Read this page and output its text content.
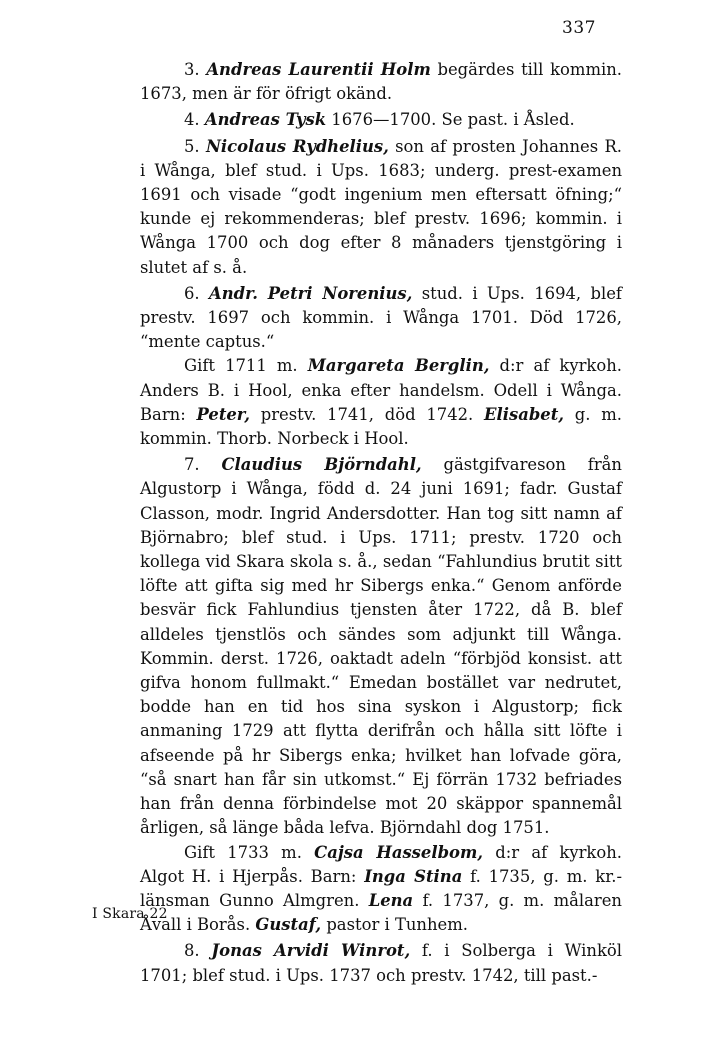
337

3. Andreas Laurentii Holm begärdes till kommin. 1673, men är för öfrigt okänd.

4. Andreas Tysk 1676—1700. Se past. i Åsled.

5. Nicolaus Rydhelius, son af prosten Johannes R. i Wånga, blef stud. i Ups. 1683; underg. prest-examen 1691 och visade “godt ingenium men eftersatt öfning;“ kunde ej rekommenderas; blef prestv. 1696; kommin. i Wånga 1700 och dog efter 8 månaders tjenstgöring i slutet af s. å.

6. Andr. Petri Norenius, stud. i Ups. 1694, blef prestv. 1697 och kommin. i Wånga 1701. Död 1726, “mente captus.“

Gift 1711 m. Margareta Berglin, d:r af kyrkoh. Anders B. i Hool, enka efter handelsm. Odell i Wånga. Barn: Peter, prestv. 1741, död 1742. Elisabet, g. m. kommin. Thorb. Norbeck i Hool.

7. Claudius Björndahl, gästgifvareson från Algustorp i Wånga, född d. 24 juni 1691; fadr. Gustaf Classon, modr. Ingrid Andersdotter. Han tog sitt namn af Björnabro; blef stud. i Ups. 1711; prestv. 1720 och kollega vid Skara skola s. å., sedan “Fahlundius brutit sitt löfte att gifta sig med hr Sibergs enka.“ Genom anförde besvär fick Fahlundius tjensten åter 1722, då B. blef alldeles tjenstlös och sändes som adjunkt till Wånga. Kommin. derst. 1726, oaktadt adeln “förbjöd konsist. att gifva honom fullmakt.“ Emedan bostället var nedrutet, bodde han en tid hos sina syskon i Algustorp; fick anmaning 1729 att flytta derifrån och hålla sitt löfte i afseende på hr Sibergs enka; hvilket han lofvade göra, “så snart han får sin utkomst.“ Ej förrän 1732 befriades han från denna förbindelse mot 20 skäppor spannemål årligen, så länge båda lefva. Björndahl dog 1751.

Gift 1733 m. Cajsa Hasselbom, d:r af kyrkoh. Algot H. i Hjerpås. Barn: Inga Stina f. 1735, g. m. kr.-länsman Gunno Almgren. Lena f. 1737, g. m. målaren Åvall i Borås. Gustaf, pastor i Tunhem.

8. Jonas Arvidi Winrot, f. i Solberga i Winköl 1701; blef stud. i Ups. 1737 och prestv. 1742, till past.-

I Skara 22
